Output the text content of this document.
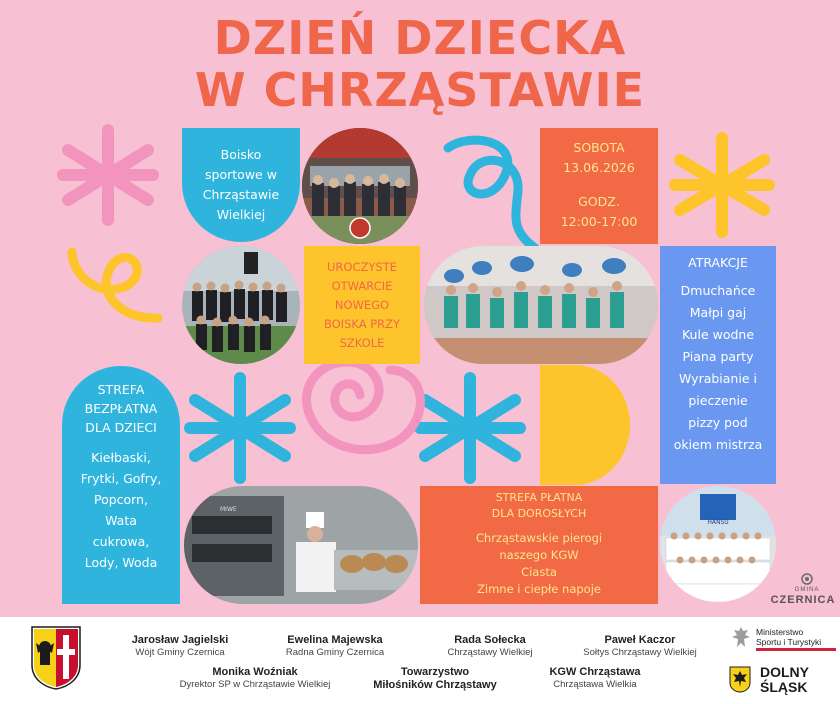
DZIEŃ DZIECKA
W CHRZĄSTAWIE
Boisko sportowe w Chrząstawie Wielkiej
SOBOTA
13.06.2026
GODZ.
12:00-17:00
UROCZYSTE OTWARCIE NOWEGO BOISKA PRZY SZKOLE
ATRAKCJE
Dmuchańce
Małpi gaj
Kule wodne
Piana party
Wyrabianie i
pieczenie
pizzy pod
okiem mistrza
STREFA BEZPŁATNA DLA DZIECI
Kiełbaski,
Frytki, Gofry,
Popcorn,
Wata
cukrowa,
Lody, Woda
MIWE
STREFA PŁATNA DLA DOROSŁYCH
Chrząstawskie pierogi
naszego KGW
Ciasta
Zimne i ciepłe napoje
HANSU
GMINA
CZERNICA
Jarosław Jagielski
Wójt Gminy Czernica
Ewelina Majewska
Radna Gminy Czernica
Rada Sołecka
Chrząstawy Wielkiej
Paweł Kaczor
Sołtys Chrząstawy Wielkiej
Monika Woźniak
Dyrektor SP w Chrząstawie Wielkiej
Towarzystwo
Miłośników Chrząstawy
KGW Chrząstawa
Chrząstawa Wielkia
Ministerstwo
Sportu i Turystyki
DOLNY
ŚLĄSK
